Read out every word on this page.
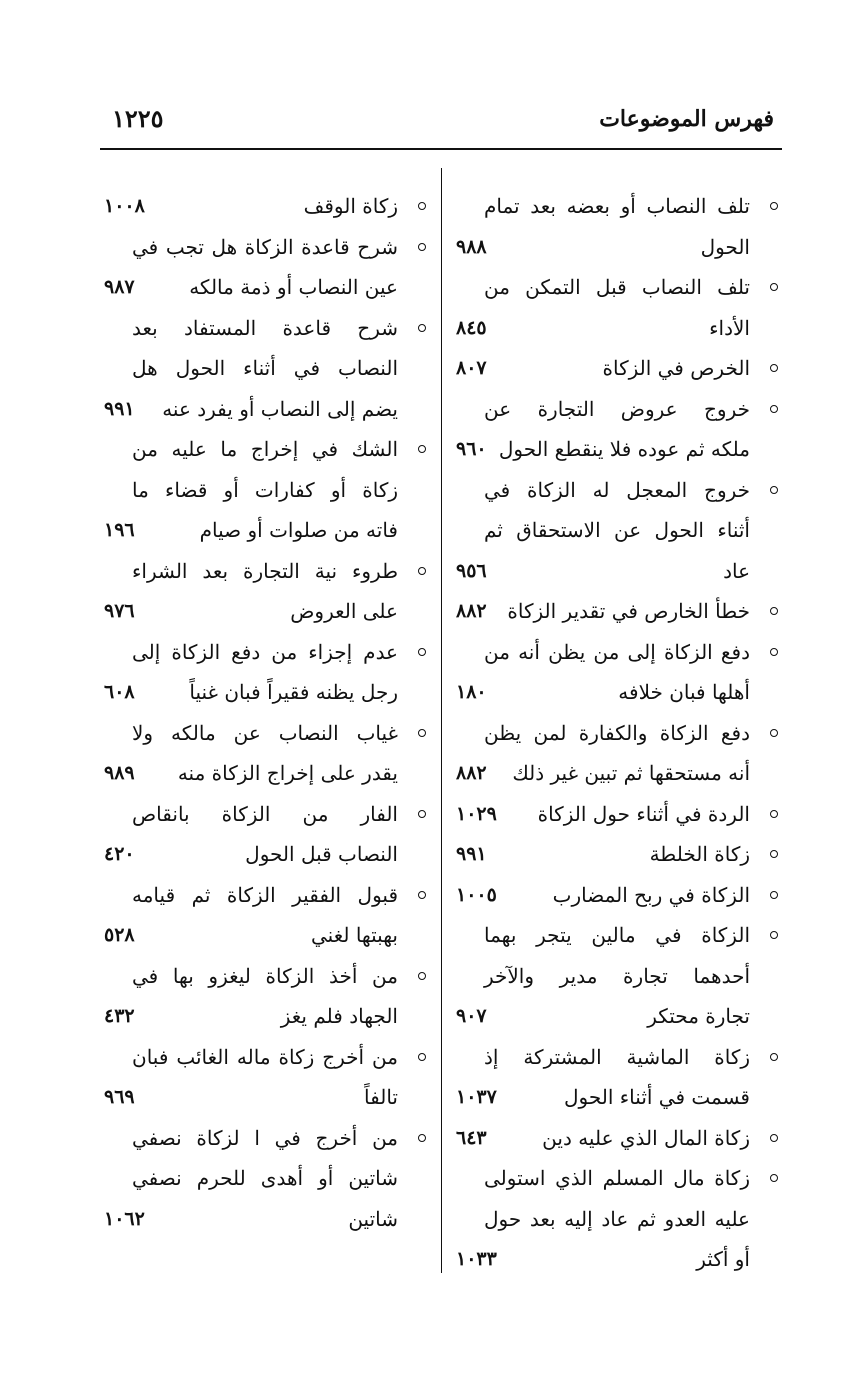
فهرس الموضوعات
١٢٢٥
تلف النصاب أو بعضه بعد تمام
الحول
٩٨٨
تلف النصاب قبل التمكن من
الأداء
٨٤٥
الخرص في الزكاة
٨٠٧
خروج عروض التجارة عن
ملكه ثم عوده فلا ينقطع الحول
٩٦٠
خروج المعجل له الزكاة في
أثناء الحول عن الاستحقاق ثم
عاد
٩٥٦
خطأ الخارص في تقدير الزكاة
٨٨٢
دفع الزكاة إلى من يظن أنه من
أهلها فبان خلافه
١٨٠
دفع الزكاة والكفارة لمن يظن
أنه مستحقها ثم تبين غير ذلك
٨٨٢
الردة في أثناء حول الزكاة
١٠٢٩
زكاة الخلطة
٩٩١
الزكاة في ربح المضارب
١٠٠٥
الزكاة في مالين يتجر بهما
أحدهما تجارة مدير والآخر
تجارة محتكر
٩٠٧
زكاة الماشية المشتركة إذ
قسمت في أثناء الحول
١٠٣٧
زكاة المال الذي عليه دين
٦٤٣
زكاة مال المسلم الذي استولى
عليه العدو ثم عاد إليه بعد حول
أو أكثر
١٠٣٣
زكاة الوقف
١٠٠٨
شرح قاعدة الزكاة هل تجب في
عين النصاب أو ذمة مالكه
٩٨٧
شرح قاعدة المستفاد بعد
النصاب في أثناء الحول هل
يضم إلى النصاب أو يفرد عنه
٩٩١
الشك في إخراج ما عليه من
زكاة أو كفارات أو قضاء ما
فاته من صلوات أو صيام
١٩٦
طروء نية التجارة بعد الشراء
على العروض
٩٧٦
عدم إجزاء من دفع الزكاة إلى
رجل يظنه فقيراً فبان غنياً
٦٠٨
غياب النصاب عن مالكه ولا
يقدر على إخراج الزكاة منه
٩٨٩
الفار من الزكاة بانقاص
النصاب قبل الحول
٤٢٠
قبول الفقير الزكاة ثم قيامه
بهبتها لغني
٥٢٨
من أخذ الزكاة ليغزو بها في
الجهاد فلم يغز
٤٣٢
من أخرج زكاة ماله الغائب فبان
تالفاً
٩٦٩
من أخرج في ا لزكاة نصفي
شاتين أو أهدى للحرم نصفي
شاتين
١٠٦٢
